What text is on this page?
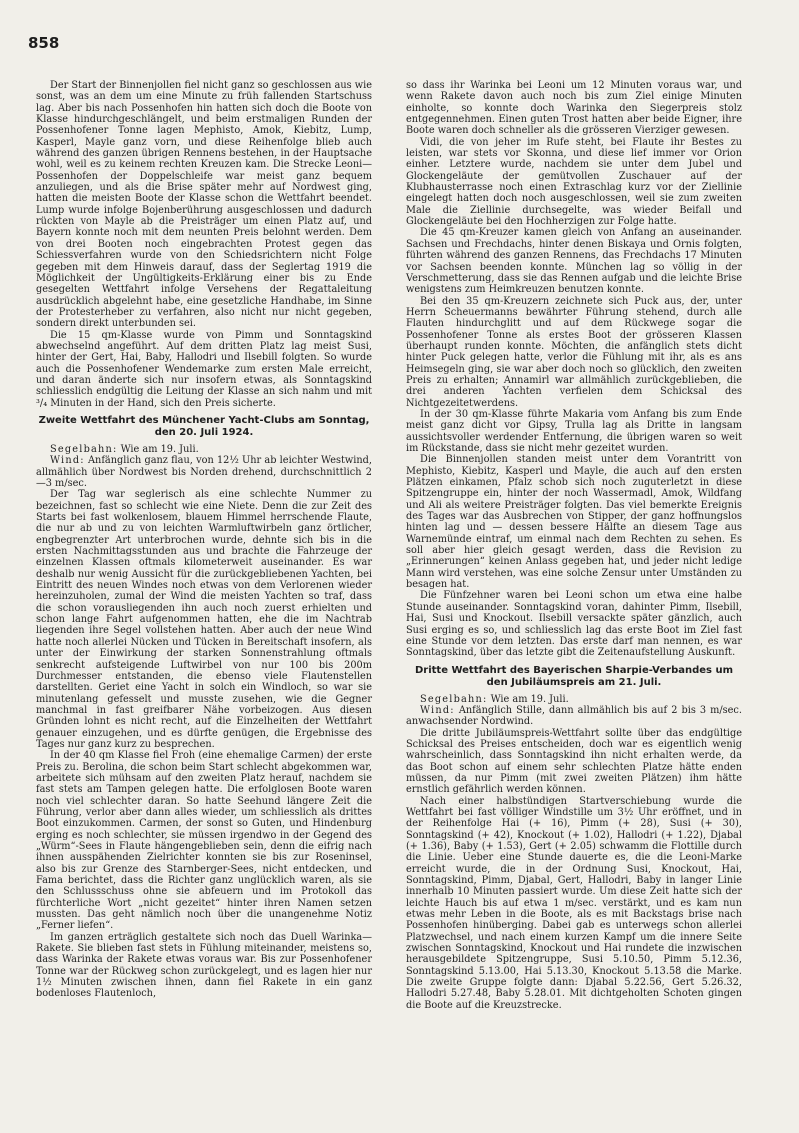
858

Der Start der Binnenjollen fiel nicht ganz so geschlossen aus wie sonst, was an dem um eine Minute zu früh fallenden Startschuss lag. Aber bis nach Possenhofen hin hatten sich doch die Boote von Klasse hindurchgeschlängelt, und beim erstmaligen Runden der Possenhofener Tonne lagen Mephisto, Amok, Kiebitz, Lump, Kasperl, Mayle ganz vorn, und diese Reihenfolge blieb auch während des ganzen übrigen Rennens bestehen, in der Hauptsache wohl, weil es zu keinem rechten Kreuzen kam. Die Strecke Leoni—Possenhofen der Doppelschleife war meist ganz bequem anzuliegen, und als die Brise später mehr auf Nordwest ging, hatten die meisten Boote der Klasse schon die Wettfahrt beendet. Lump wurde infolge Bojenberührung ausgeschlossen und dadurch rückten von Mayle ab die Preisträger um einen Platz auf, und Bayern konnte noch mit dem neunten Preis belohnt werden. Dem von drei Booten noch eingebrachten Protest gegen das Schiessverfahren wurde von den Schiedsrichtern nicht Folge gegeben mit dem Hinweis darauf, dass der Seglertag 1919 die Möglichkeit der Ungültigkeits-Erklärung einer bis zu Ende gesegelten Wettfahrt infolge Versehens der Regattaleitung ausdrücklich abgelehnt habe, eine gesetzliche Handhabe, im Sinne der Protesterheber zu verfahren, also nicht nur nicht gegeben, sondern direkt unterbunden sei.

Die 15 qm-Klasse wurde von Pimm und Sonntagskind abwechselnd angeführt. Auf dem dritten Platz lag meist Susi, hinter der Gert, Hai, Baby, Hallodri und Ilsebill folgten. So wurde auch die Possenhofener Wendemarke zum ersten Male erreicht, und daran änderte sich nur insofern etwas, als Sonntagskind schliesslich endgültig die Leitung der Klasse an sich nahm und mit ³/₄ Minuten in der Hand, sich den Preis sicherte.

Zweite Wettfahrt des Münchener Yacht-Clubs am Sonntag, den 20. Juli 1924.

Segelbahn: Wie am 19. Juli.

Wind: Anfänglich ganz flau, von 12½ Uhr ab leichter Westwind, allmählich über Nordwest bis Norden drehend, durchschnittlich 2—3 m/sec.

Der Tag war seglerisch als eine schlechte Nummer zu bezeichnen, fast so schlecht wie eine Niete. Denn die zur Zeit des Starts bei fast wolkenlosem, blauem Himmel herrschende Flaute, die nur ab und zu von leichten Warmluftwirbeln ganz örtlicher, engbegrenzter Art unterbrochen wurde, dehnte sich bis in die ersten Nachmittagsstunden aus und brachte die Fahrzeuge der einzelnen Klassen oftmals kilometerweit auseinander. Es war deshalb nur wenig Aussicht für die zurückgebliebenen Yachten, bei Eintritt des neuen Windes noch etwas von dem Verlorenen wieder hereinzuholen, zumal der Wind die meisten Yachten so traf, dass die schon vorausliegenden ihn auch noch zuerst erhielten und schon lange Fahrt aufgenommen hatten, ehe die im Nachtrab liegenden ihre Segel vollstehen hatten. Aber auch der neue Wind hatte noch allerlei Nücken und Tücken in Bereitschaft insofern, als unter der Einwirkung der starken Sonnenstrahlung oftmals senkrecht aufsteigende Luftwirbel von nur 100 bis 200m Durchmesser entstanden, die ebenso viele Flautenstellen darstellten. Geriet eine Yacht in solch ein Windloch, so war sie minutenlang gefesselt und musste zusehen, wie die Gegner manchmal in fast greifbarer Nähe vorbeizogen. Aus diesen Gründen lohnt es nicht recht, auf die Einzelheiten der Wettfahrt genauer einzugehen, und es dürfte genügen, die Ergebnisse des Tages nur ganz kurz zu besprechen.

In der 40 qm Klasse fiel Froh (eine ehemalige Carmen) der erste Preis zu. Berolina, die schon beim Start schlecht abgekommen war, arbeitete sich mühsam auf den zweiten Platz herauf, nachdem sie fast stets am Tampen gelegen hatte. Die erfolglosen Boote waren noch viel schlechter daran. So hatte Seehund längere Zeit die Führung, verlor aber dann alles wieder, um schliesslich als drittes Boot einzukommen. Carmen, der sonst so Guten, und Hindenburg erging es noch schlechter, sie müssen irgendwo in der Gegend des „Würm“-Sees in Flaute hängengeblieben sein, denn die eifrig nach ihnen ausspähenden Zielrichter konnten sie bis zur Roseninsel, also bis zur Grenze des Starnberger-Sees, nicht entdecken, und Fama berichtet, dass die Richter ganz unglücklich waren, als sie den Schlussschuss ohne sie abfeuern und im Protokoll das fürchterliche Wort „nicht gezeitet“ hinter ihren Namen setzen mussten. Das geht nämlich noch über die unangenehme Notiz „Ferner liefen“.

Im ganzen erträglich gestaltete sich noch das Duell Warinka—Rakete. Sie blieben fast stets in Fühlung miteinander, meistens so, dass Warinka der Rakete etwas voraus war. Bis zur Possenhofener Tonne war der Rückweg schon zurückgelegt, und es lagen hier nur 1½ Minuten zwischen ihnen, dann fiel Rakete in ein ganz bodenloses Flautenloch,

so dass ihr Warinka bei Leoni um 12 Minuten voraus war, und wenn Rakete davon auch noch bis zum Ziel einige Minuten einholte, so konnte doch Warinka den Siegerpreis stolz entgegennehmen. Einen guten Trost hatten aber beide Eigner, ihre Boote waren doch schneller als die grösseren Vierziger gewesen.

Vidi, die von jeher im Rufe steht, bei Flaute ihr Bestes zu leisten, war stets vor Skonna, und diese lief immer vor Orion einher. Letztere wurde, nachdem sie unter dem Jubel und Glockengeläute der gemütvollen Zuschauer auf der Klubhausterrasse noch einen Extraschlag kurz vor der Ziellinie eingelegt hatten doch noch ausgeschlossen, weil sie zum zweiten Male die Ziellinie durchsegelte, was wieder Beifall und Glockengeläute bei den Hochherzigen zur Folge hatte.

Die 45 qm-Kreuzer kamen gleich von Anfang an auseinander. Sachsen und Frechdachs, hinter denen Biskaya und Ornis folgten, führten während des ganzen Rennens, das Frechdachs 17 Minuten vor Sachsen beenden konnte. München lag so völlig in der Verschmetterung, dass sie das Rennen aufgab und die leichte Brise wenigstens zum Heimkreuzen benutzen konnte.

Bei den 35 qm-Kreuzern zeichnete sich Puck aus, der, unter Herrn Scheuermanns bewährter Führung stehend, durch alle Flauten hindurchglitt und auf dem Rückwege sogar die Possenhofener Tonne als erstes Boot der grösseren Klassen überhaupt runden konnte. Möchten, die anfänglich stets dicht hinter Puck gelegen hatte, verlor die Fühlung mit ihr, als es ans Heimsegeln ging, sie war aber doch noch so glücklich, den zweiten Preis zu erhalten; Annamirl war allmählich zurückgeblieben, die drei anderen Yachten verfielen dem Schicksal des Nichtgezeitetwerdens.

In der 30 qm-Klasse führte Makaria vom Anfang bis zum Ende meist ganz dicht vor Gipsy, Trulla lag als Dritte in langsam aussichtsvoller werdender Entfernung, die übrigen waren so weit im Rückstande, dass sie nicht mehr gezeitet wurden.

Die Binnenjollen standen meist unter dem Vorantritt von Mephisto, Kiebitz, Kasperl und Mayle, die auch auf den ersten Plätzen einkamen, Pfalz schob sich noch zuguterletzt in diese Spitzengruppe ein, hinter der noch Wassermadl, Amok, Wildfang und Ali als weitere Preisträger folgten. Das viel bemerkte Ereignis des Tages war das Ausbrechen von Stipper, der ganz hoffnungslos hinten lag und — dessen bessere Hälfte an diesem Tage aus Warnemünde eintraf, um einmal nach dem Rechten zu sehen. Es soll aber hier gleich gesagt werden, dass die Revision zu „Erinnerungen“ keinen Anlass gegeben hat, und jeder nicht ledige Mann wird verstehen, was eine solche Zensur unter Umständen zu besagen hat.

Die Fünfzehner waren bei Leoni schon um etwa eine halbe Stunde auseinander. Sonntagskind voran, dahinter Pimm, Ilsebill, Hai, Susi und Knockout. Ilsebill versackte später gänzlich, auch Susi erging es so, und schliesslich lag das erste Boot im Ziel fast eine Stunde vor dem letzten. Das erste darf man nennen, es war Sonntagskind, über das letzte gibt die Zeitenaufstellung Auskunft.

Dritte Wettfahrt des Bayerischen Sharpie-Verbandes um den Jubiläumspreis am 21. Juli.

Segelbahn: Wie am 19. Juli.

Wind: Anfänglich Stille, dann allmählich bis auf 2 bis 3 m/sec. anwachsender Nordwind.

Die dritte Jubiläumspreis-Wettfahrt sollte über das endgültige Schicksal des Preises entscheiden, doch war es eigentlich wenig wahrscheinlich, dass Sonntagskind ihn nicht erhalten werde, da das Boot schon auf einem sehr schlechten Platze hätte enden müssen, da nur Pimm (mit zwei zweiten Plätzen) ihm hätte ernstlich gefährlich werden können.

Nach einer halbstündigen Startverschiebung wurde die Wettfahrt bei fast völliger Windstille um 3½ Uhr eröffnet, und in der Reihenfolge Hai (+ 16), Pimm (+ 28), Susi (+ 30), Sonntagskind (+ 42), Knockout (+ 1.02), Hallodri (+ 1.22), Djabal (+ 1.36), Baby (+ 1.53), Gert (+ 2.05) schwamm die Flottille durch die Linie. Ueber eine Stunde dauerte es, die die Leoni-Marke erreicht wurde, die in der Ordnung Susi, Knockout, Hai, Sonntagskind, Pimm, Djabal, Gert, Hallodri, Baby in langer Linie innerhalb 10 Minuten passiert wurde. Um diese Zeit hatte sich der leichte Hauch bis auf etwa 1 m/sec. verstärkt, und es kam nun etwas mehr Leben in die Boote, als es mit Backstags brise nach Possenhofen hinüberging. Dabei gab es unterwegs schon allerlei Platzwechsel, und nach einem kurzen Kampf um die innere Seite zwischen Sonntagskind, Knockout und Hai rundete die inzwischen herausgebildete Spitzengruppe, Susi 5.10.50, Pimm 5.12.36, Sonntagskind 5.13.00, Hai 5.13.30, Knockout 5.13.58 die Marke. Die zweite Gruppe folgte dann: Djabal 5.22.56, Gert 5.26.32, Hallodri 5.27.48, Baby 5.28.01. Mit dichtgeholten Schoten gingen die Boote auf die Kreuzstrecke.
